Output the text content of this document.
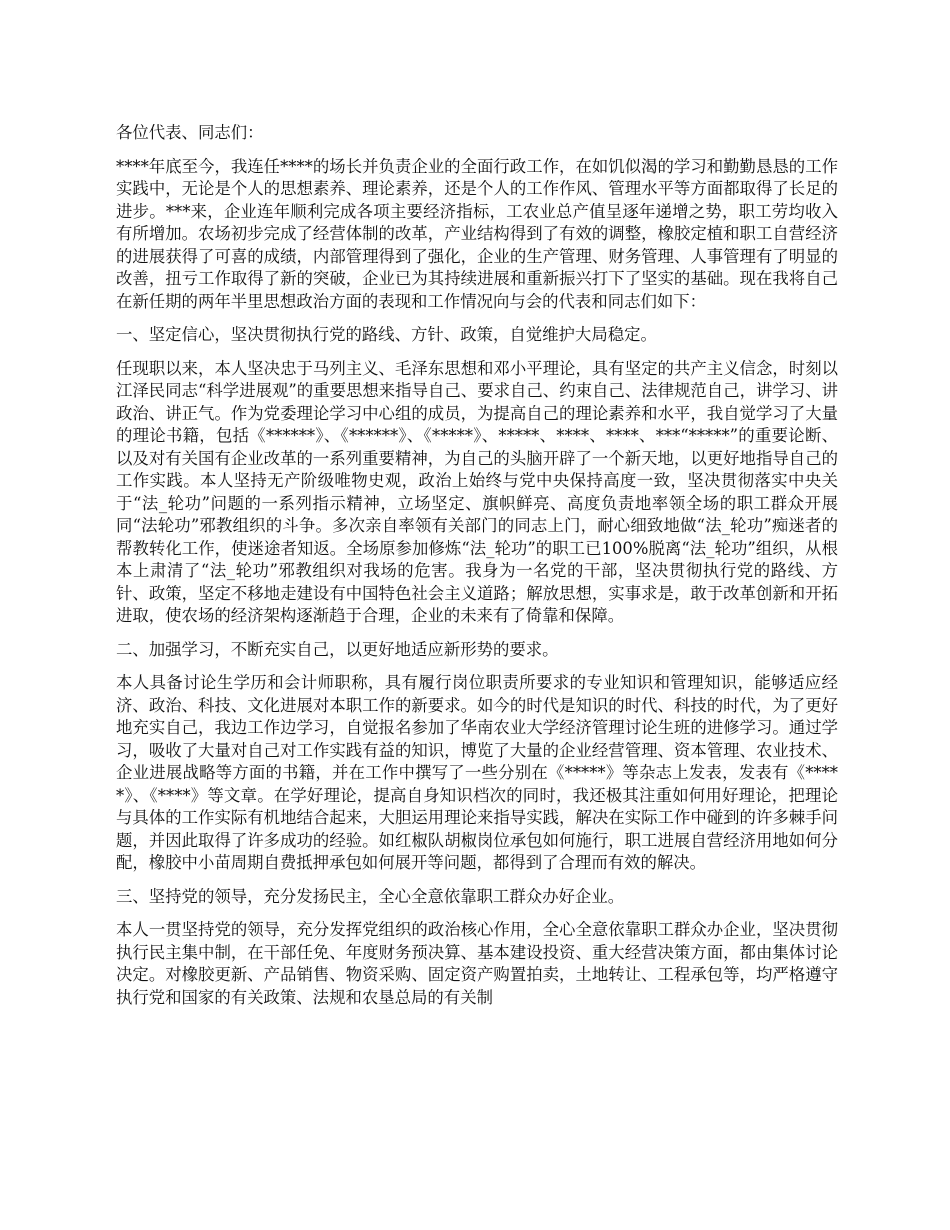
各位代表、同志们：

****年底至今，我连任****的场长并负责企业的全面行政工作，在如饥似渴的学习和勤勤恳恳的工作实践中，无论是个人的思想素养、理论素养，还是个人的工作作风、管理水平等方面都取得了长足的进步。***来，企业连年顺利完成各项主要经济指标，工农业总产值呈逐年递增之势，职工劳均收入有所增加。农场初步完成了经营体制的改革，产业结构得到了有效的调整，橡胶定植和职工自营经济的进展获得了可喜的成绩，内部管理得到了强化，企业的生产管理、财务管理、人事管理有了明显的改善，扭亏工作取得了新的突破，企业已为其持续进展和重新振兴打下了坚实的基础。现在我将自己在新任期的两年半里思想政治方面的表现和工作情况向与会的代表和同志们如下：

一、坚定信心，坚决贯彻执行党的路线、方针、政策，自觉维护大局稳定。

任现职以来，本人坚决忠于马列主义、毛泽东思想和邓小平理论，具有坚定的共产主义信念，时刻以江泽民同志“科学进展观”的重要思想来指导自己、要求自己、约束自己、法律规范自己，讲学习、讲政治、讲正气。作为党委理论学习中心组的成员，为提高自己的理论素养和水平，我自觉学习了大量的理论书籍，包括《******》、《******》、《*****》、*****、****、****、***“*****”的重要论断、以及对有关国有企业改革的一系列重要精神，为自己的头脑开辟了一个新天地，以更好地指导自己的工作实践。本人坚持无产阶级唯物史观，政治上始终与党中央保持高度一致，坚决贯彻落实中央关于“法_轮功”问题的一系列指示精神，立场坚定、旗帜鲜亮、高度负责地率领全场的职工群众开展同“法轮功”邪教组织的斗争。多次亲自率领有关部门的同志上门，耐心细致地做“法_轮功”痴迷者的帮教转化工作，使迷途者知返。全场原参加修炼“法_轮功”的职工已100%脱离“法_轮功”组织，从根本上肃清了“法_轮功”邪教组织对我场的危害。我身为一名党的干部，坚决贯彻执行党的路线、方针、政策，坚定不移地走建设有中国特色社会主义道路；解放思想，实事求是，敢于改革创新和开拓进取，使农场的经济架构逐渐趋于合理，企业的未来有了倚靠和保障。

二、加强学习，不断充实自己，以更好地适应新形势的要求。

本人具备讨论生学历和会计师职称，具有履行岗位职责所要求的专业知识和管理知识，能够适应经济、政治、科技、文化进展对本职工作的新要求。如今的时代是知识的时代、科技的时代，为了更好地充实自己，我边工作边学习，自觉报名参加了华南农业大学经济管理讨论生班的进修学习。通过学习，吸收了大量对自己对工作实践有益的知识，博览了大量的企业经营管理、资本管理、农业技术、企业进展战略等方面的书籍，并在工作中撰写了一些分别在《*****》等杂志上发表，发表有《*****》、《****》等文章。在学好理论，提高自身知识档次的同时，我还极其注重如何用好理论，把理论与具体的工作实际有机地结合起来，大胆运用理论来指导实践，解决在实际工作中碰到的许多棘手问题，并因此取得了许多成功的经验。如红椒队胡椒岗位承包如何施行，职工进展自营经济用地如何分配，橡胶中小苗周期自费抵押承包如何展开等问题，都得到了合理而有效的解决。

三、坚持党的领导，充分发扬民主，全心全意依靠职工群众办好企业。

本人一贯坚持党的领导，充分发挥党组织的政治核心作用，全心全意依靠职工群众办企业，坚决贯彻执行民主集中制，在干部任免、年度财务预决算、基本建设投资、重大经营决策方面，都由集体讨论决定。对橡胶更新、产品销售、物资采购、固定资产购置拍卖，土地转让、工程承包等，均严格遵守执行党和国家的有关政策、法规和农垦总局的有关制
